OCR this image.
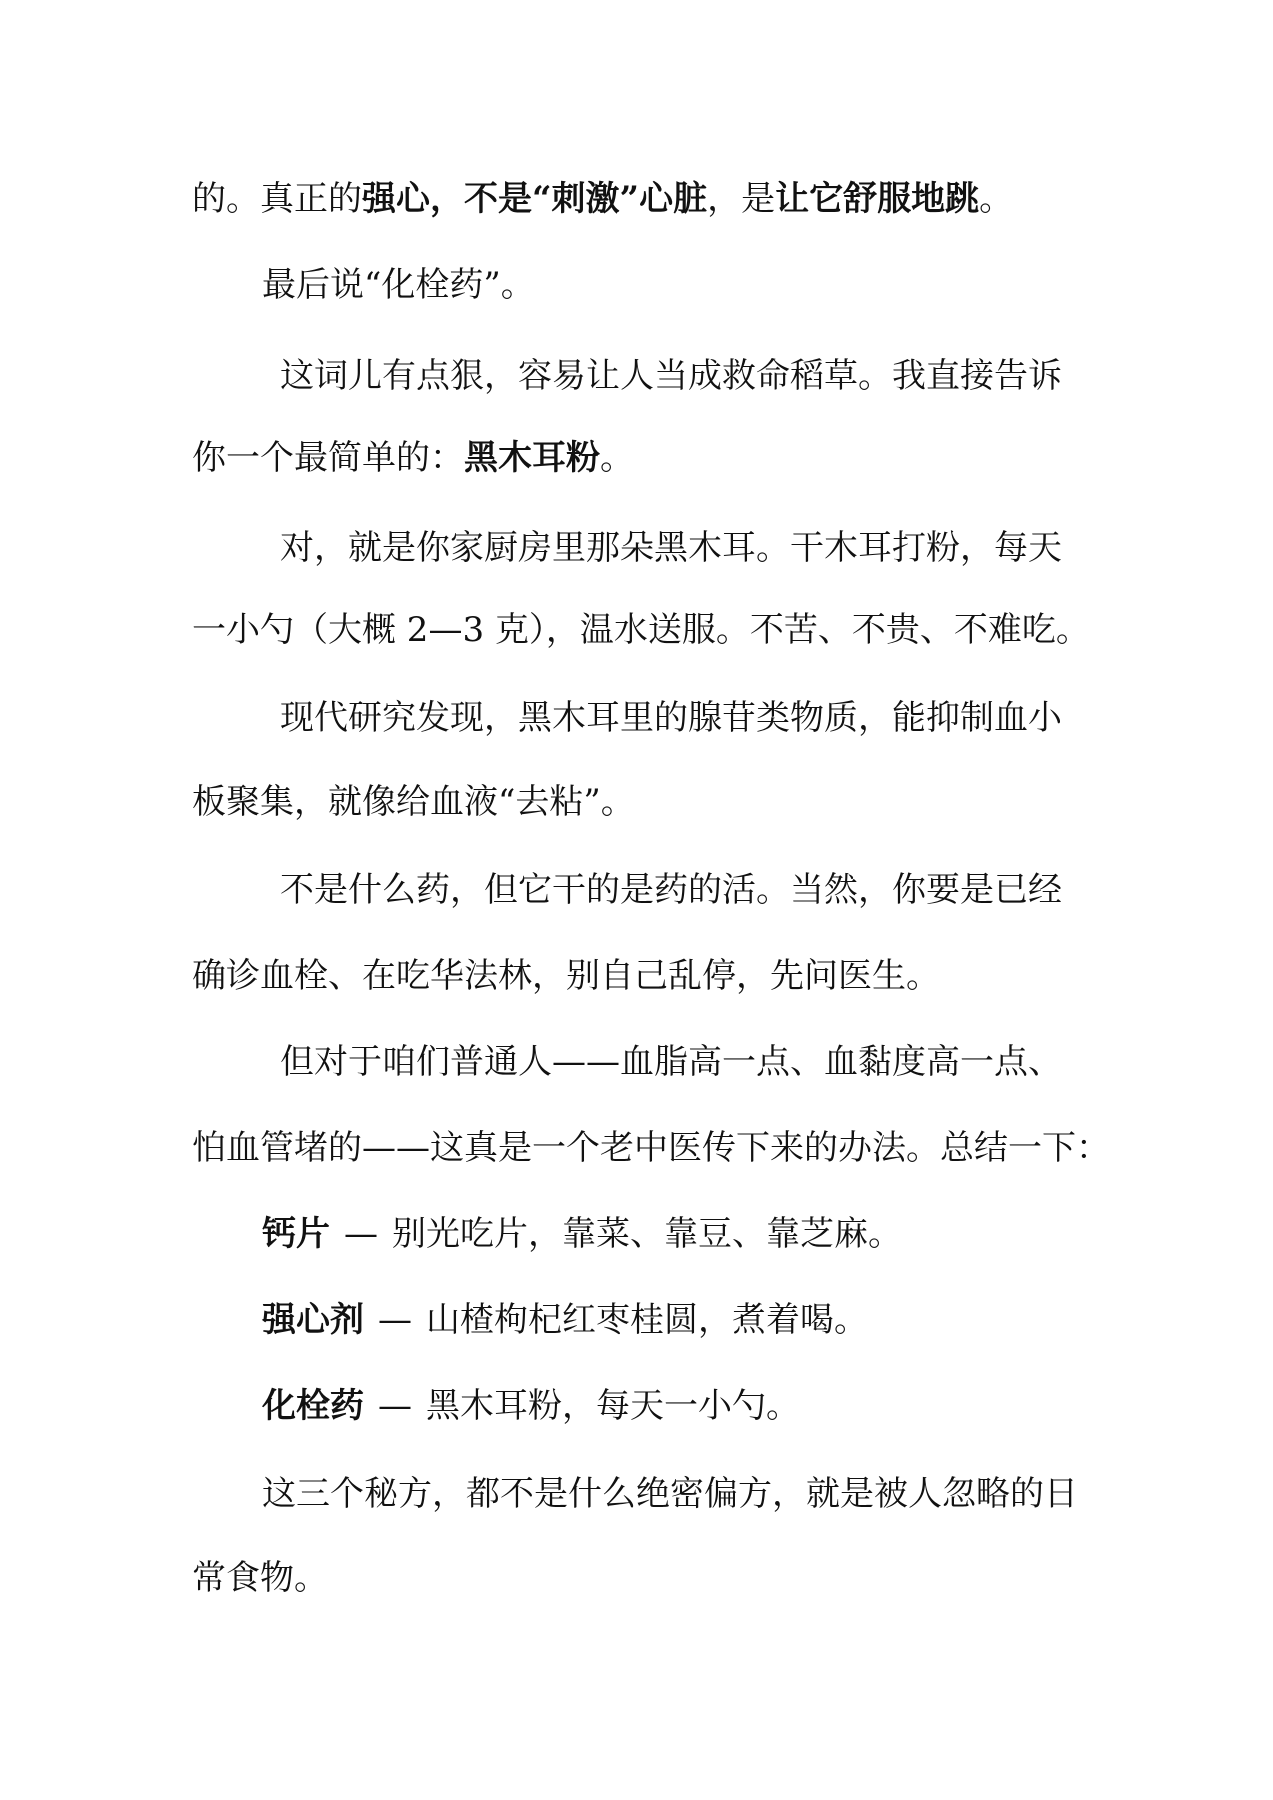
的。真正的强心，不是“刺激”心脏，是让它舒服地跳。
最后说“化栓药”。
这词儿有点狠，容易让人当成救命稻草。我直接告诉
你一个最简单的：黑木耳粉。
对，就是你家厨房里那朵黑木耳。干木耳打粉，每天
一小勺（大概 2—3 克），温水送服。不苦、不贵、不难吃。
现代研究发现，黑木耳里的腺苷类物质，能抑制血小
板聚集，就像给血液“去粘”。
不是什么药，但它干的是药的活。当然，你要是已经
确诊血栓、在吃华法林，别自己乱停，先问医生。
但对于咱们普通人——血脂高一点、血黏度高一点、
怕血管堵的——这真是一个老中医传下来的办法。总结一下：
钙片 — 别光吃片，靠菜、靠豆、靠芝麻。
强心剂 — 山楂枸杞红枣桂圆，煮着喝。
化栓药 — 黑木耳粉，每天一小勺。
这三个秘方，都不是什么绝密偏方，就是被人忽略的日
常食物。
